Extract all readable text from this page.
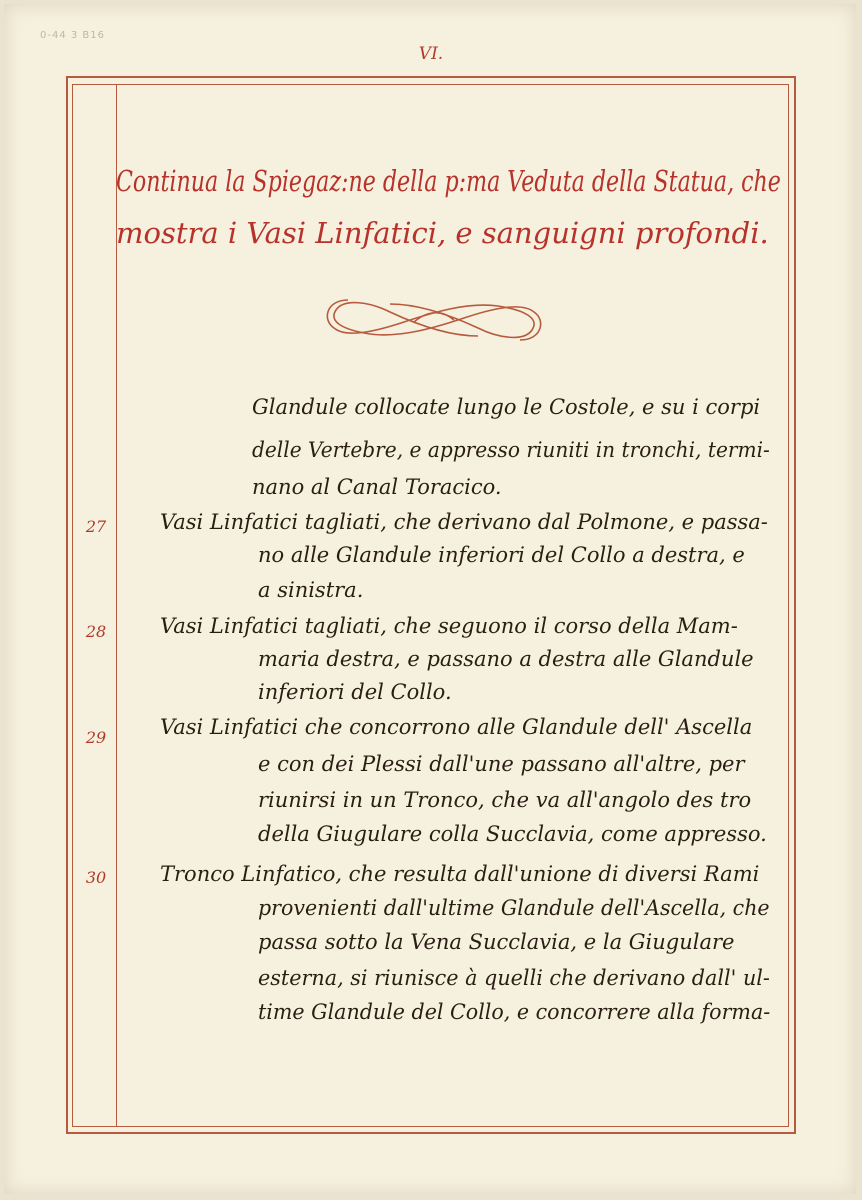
0-44 3 B16
VI.
Continua la Spiegaz:ne della p:ma Veduta della Statua, che
mostra i Vasi Linfatici, e sanguigni profondi.
Glandule collocate lungo le Costole, e su i corpi
delle Vertebre, e appresso riuniti in tronchi, termi-
nano al Canal Toracico.
27	Vasi Linfatici tagliati, che derivano dal Polmone, e passa-
no alle Glandule inferiori del Collo a destra, e
a sinistra.
28	Vasi Linfatici tagliati, che seguono il corso della Mam-
maria destra, e passano a destra alle Glandule
inferiori del Collo.
29	Vasi Linfatici che concorrono alle Glandule dell' Ascella
e con dei Plessi dall'une passano all'altre, per
riunirsi in un Tronco, che va all'angolo des tro
della Giugulare colla Succlavia, come appresso.
30	Tronco Linfatico, che resulta dall'unione di diversi Rami
provenienti dall'ultime Glandule dell'Ascella, che
passa sotto la Vena Succlavia, e la Giugulare
esterna, si riunisce à quelli che derivano dall' ul-
time Glandule del Collo, e concorrere alla forma-
